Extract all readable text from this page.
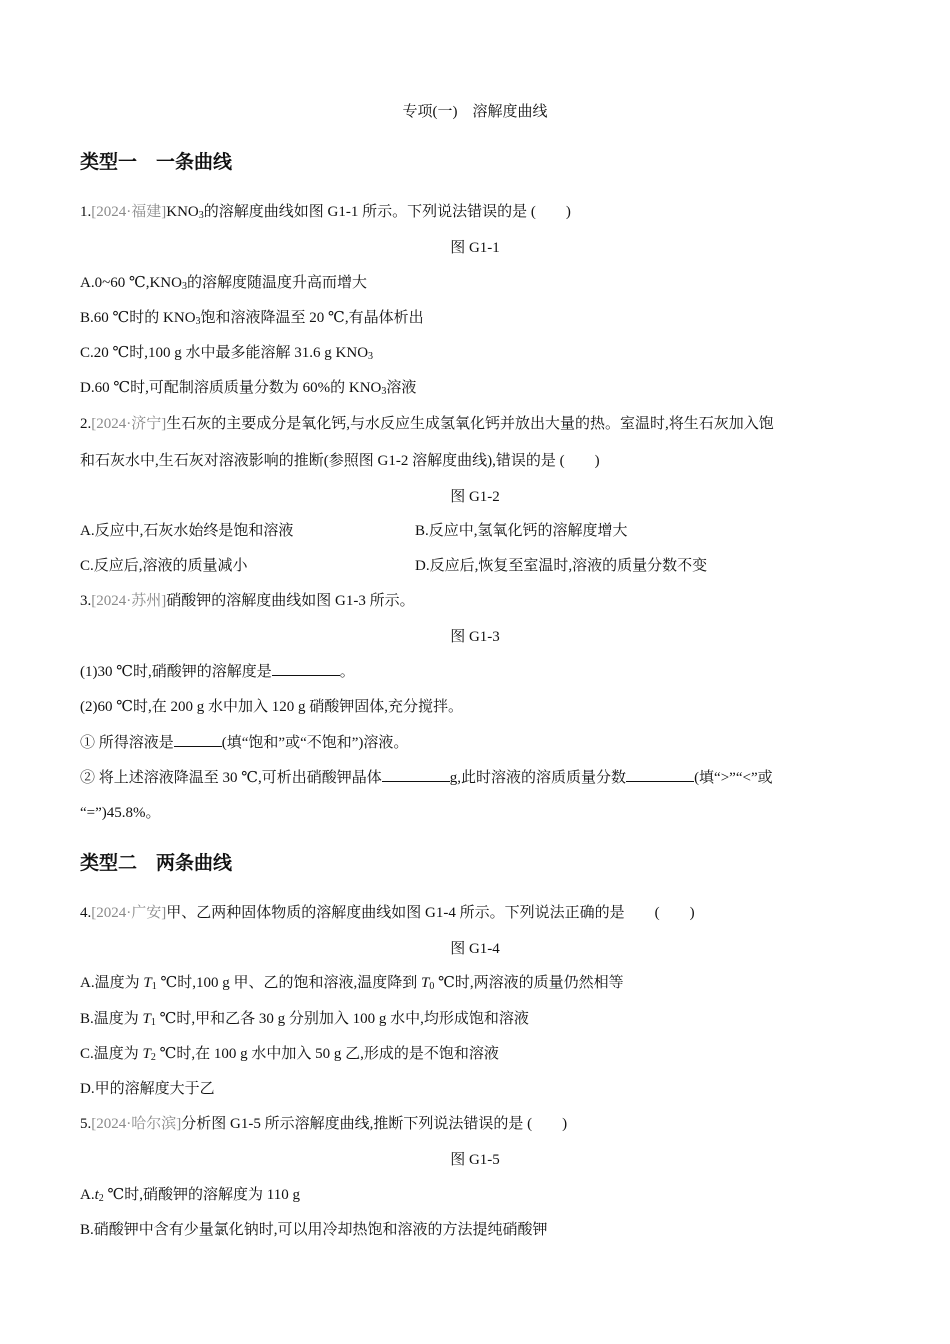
专项(一)　溶解度曲线
类型一　一条曲线
1.[2024·福建]$KNO_3$的溶解度曲线如图 G1-1 所示。下列说法错误的是 (　　)
图 G1-1
A.0~60 $℃,KNO_3$的溶解度随温度升高而增大
B.60 ℃时的 $KNO_3$饱和溶液降温至 20 ℃,有晶体析出
C.20 ℃时,100 g 水中最多能溶解 31.6 g $KNO_3$
D.60 ℃时,可配制溶质质量分数为 60%的 $KNO_3$溶液
2.[2024·济宁]生石灰的主要成分是氧化钙,与水反应生成氢氧化钙并放出大量的热。室温时,将生石灰加入饱
和石灰水中,生石灰对溶液影响的推断(参照图 G1-2 溶解度曲线),错误的是 (　　)
图 G1-2
A.反应中,石灰水始终是饱和溶液	B.反应中,氢氧化钙的溶解度增大
C.反应后,溶液的质量减小	D.反应后,恢复至室温时,溶液的质量分数不变
3.[2024·苏州]硝酸钾的溶解度曲线如图 G1-3 所示。
图 G1-3
(1)30 ℃时,硝酸钾的溶解度是	。
(2)60 ℃时,在 200 g 水中加入 120 g 硝酸钾固体,充分搅拌。
① 所得溶液是	(填“饱和”或“不饱和”)溶液。
② 将上述溶液降温至 30 ℃,可析出硝酸钾晶体	g,此时溶液的溶质质量分数	(填“>”“<”或
“=”)45.8%。
类型二　两条曲线
4.[2024·广安]甲、乙两种固体物质的溶解度曲线如图 G1-4 所示。下列说法正确的是　　(　　)
图 G1-4
A.温度为 $T_1$ ℃时,100 g 甲、乙的饱和溶液,温度降到 $T_0$ ℃时,两溶液的质量仍然相等
B.温度为 $T_1$ ℃时,甲和乙各 30 g 分别加入 100 g 水中,均形成饱和溶液
C.温度为 $T_2$ ℃时,在 100 g 水中加入 50 g 乙,形成的是不饱和溶液
D.甲的溶解度大于乙
5.[2024·哈尔滨]分析图 G1-5 所示溶解度曲线,推断下列说法错误的是 (　　)
图 G1-5
$A.t_2$ ℃时,硝酸钾的溶解度为 110 g
B.硝酸钾中含有少量氯化钠时,可以用冷却热饱和溶液的方法提纯硝酸钾
